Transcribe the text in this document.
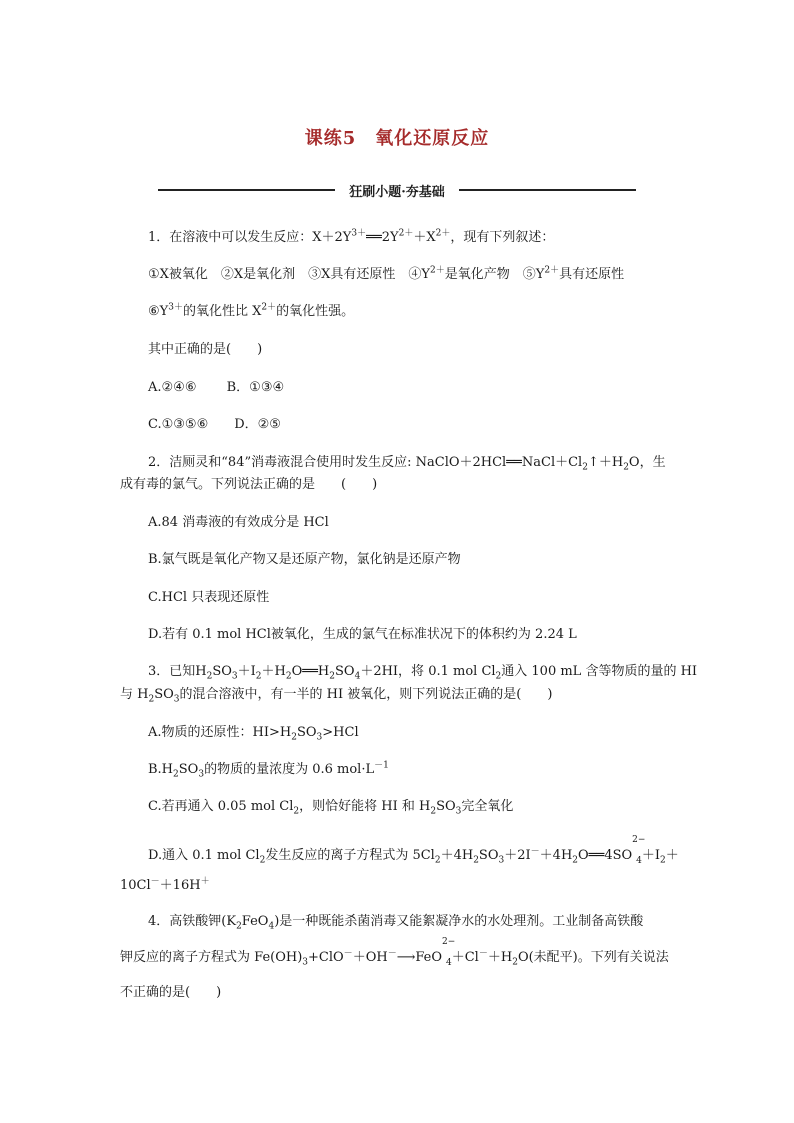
课练5　氧化还原反应
狂刷小题·夯基础
1．在溶液中可以发生反应：$X+2Y^{3+}══2Y^{2+}+X^{2+}$，现有下列叙述：
①X被氧化　②X是氧化剂　③X具有还原性　$④Y^{2+}$是氧化产物　$⑤Y^{2+}$具有还原性
$⑥Y^{3+}$的氧化性比 $X^{2+}$的氧化性强。
其中正确的是(　　)
A.②④⑥　　 B．①③④
C.①③⑤⑥　　D．②⑤
2．洁厕灵和“84”消毒液混合使用时发生反应: $NaClO+2HCl══NaCl+Cl_2↑+H_2O$，生
成有毒的氯气。下列说法正确的是　　(　　)
A.84 消毒液的有效成分是 HCl
B.氯气既是氧化产物又是还原产物，氯化钠是还原产物
C.HCl 只表现还原性
D.若有 0.1 mol HCl被氧化，生成的氯气在标准状况下的体积约为 2.24 L
3．已知$H_2SO_3+I_2+H_2O══H_2SO_4+2HI$，将 0.1 mol $Cl_2$通入 100 mL 含等物质的量的 HI
与 $H_2SO_3$的混合溶液中，有一半的 HI 被氧化，则下列说法正确的是(　　)
A.物质的还原性：$HI>H_2SO_3>HCl$
$B.H_2SO_3$的物质的量浓度为 0.6 $mol\cdot L^{-1}$
C.若再通入 0.05 mol $Cl_2$，则恰好能将 HI 和 $H_2SO_3$完全氧化
D.通入 0.1 mol $Cl_2$发生反应的离子方程式为 $5Cl_2+4H_2SO_3+2I^-+4H_2O══4SO$
2−
$_4+I_2+$
10Cl－＋16H＋
4．高铁酸钾$(K_2FeO_4)$是一种既能杀菌消毒又能絮凝净水的水处理剂。工业制备高铁酸
钾反应的离子方程式为 $Fe(OH)_3+ClO^-+OH^-⟶FeO$
2−
$_4+Cl^-+H_2O$(未配平)。下列有关说法
不正确的是(　　)
